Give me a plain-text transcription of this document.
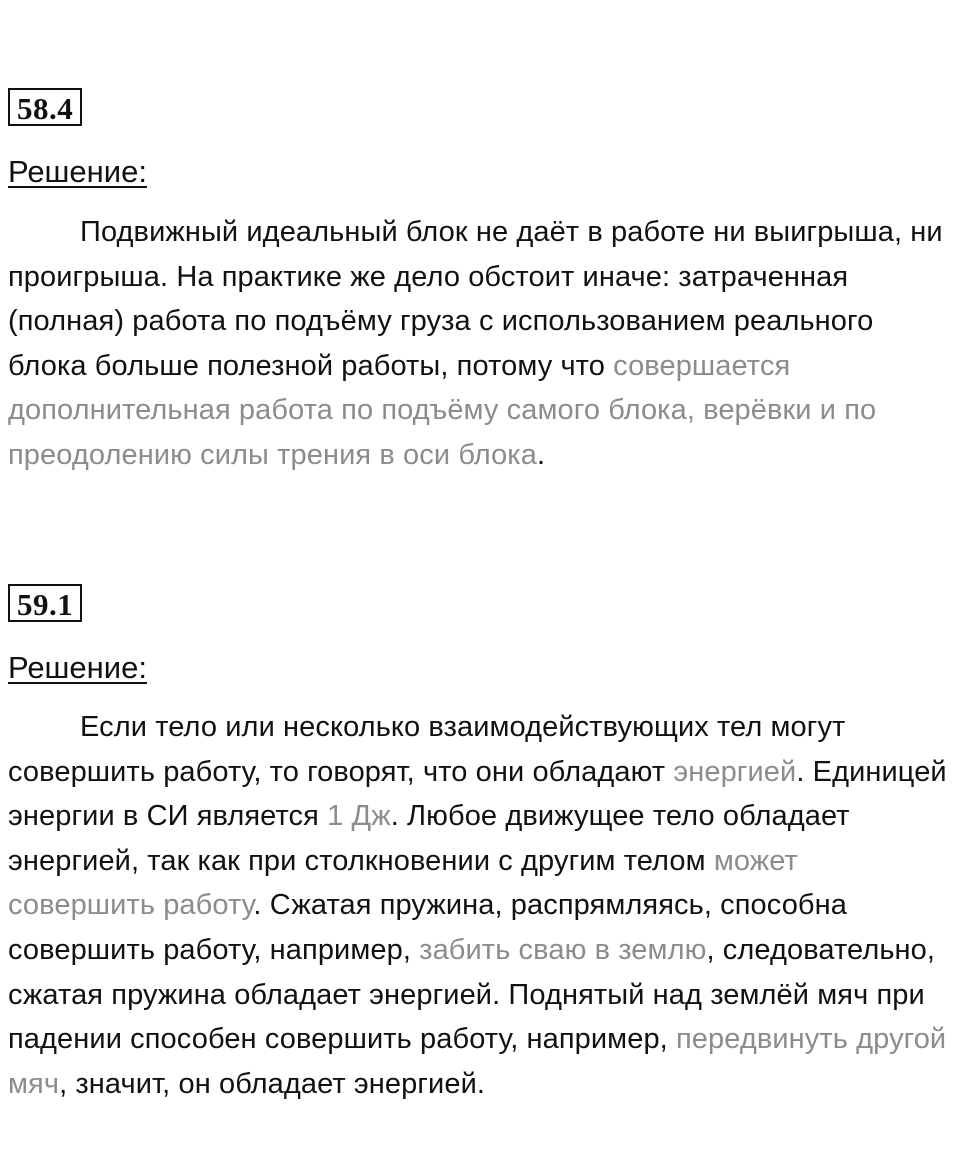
58.4
Решение:

Подвижный идеальный блок не даёт в работе ни выигрыша, ни проигрыша. На практике же дело обстоит иначе: затраченная (полная) работа по подъёму груза с использованием реального блока больше полезной работы, потому что совершается дополнительная работа по подъёму самого блока, верёвки и по преодолению силы трения в оси блока.

59.1
Решение:

Если тело или несколько взаимодействующих тел могут совершить работу, то говорят, что они обладают энергией. Единицей энергии в СИ является 1 Дж. Любое движущее тело обладает энергией, так как при столкновении с другим телом может совершить работу. Сжатая пружина, распрямляясь, способна совершить работу, например, забить сваю в землю, следовательно, сжатая пружина обладает энергией. Поднятый над землёй мяч при падении способен совершить работу, например, передвинуть другой мяч, значит, он обладает энергией.
